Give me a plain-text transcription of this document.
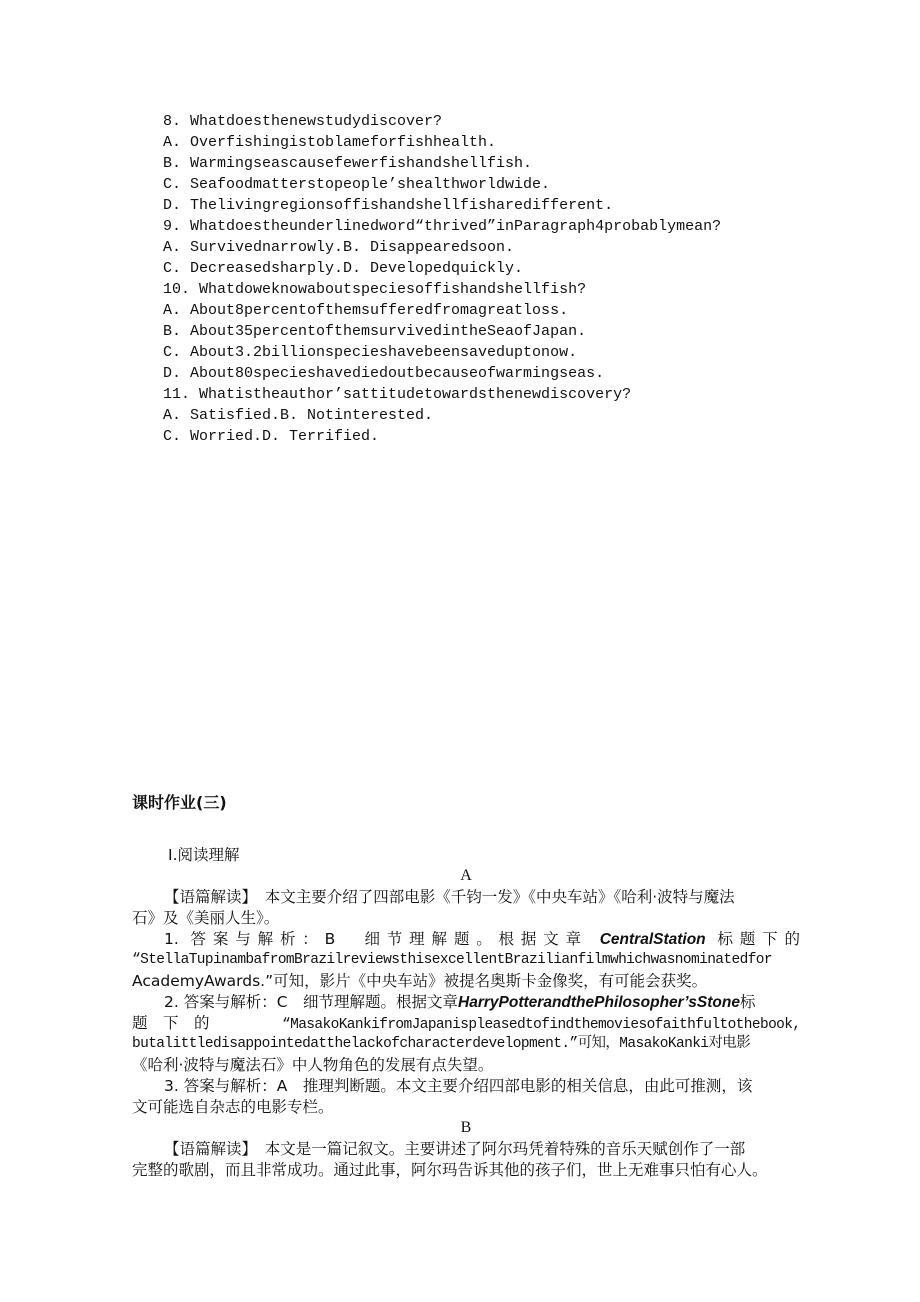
8. Whatdoesthenewstudydiscover?
A. Overfishingistoblameforfishhealth.
B. Warmingseascausefewerfishandshellfish.
C. Seafoodmatterstopeople’shealthworldwide.
D. Thelivingregionsoffishandshellfisharedifferent.
9. Whatdoestheunderlinedword“thrived”inParagraph4probablymean?
A. Survivednarrowly.B. Disappearedsoon.
C. Decreasedsharply.D. Developedquickly.
10. Whatdoweknowaboutspeciesoffishandshellfish?
A. About8percentofthemsufferedfromagreatloss.
B. About35percentofthemsurvivedintheSeaofJapan.
C. About3.2billionspecieshavebeensaveduptonow.
D. About80specieshavediedoutbecauseofwarmingseas.
11. Whatistheauthor’sattitudetowardsthenewdiscovery?
A. Satisfied.B. Notinterested.
C. Worried.D. Terrified.
课时作业(三)
Ⅰ.阅读理解
A
【语篇解读】　本文主要介绍了四部电影《千钧一发》《中央车站》《哈利·波特与魔法
石》及《美丽人生》。
1. 答案与解析：B　细节理解题。根据文章 CentralStation 标题下的
“StellaTupinambafromBrazilreviewsthisexcellentBrazilianfilmwhichwasnominatedfor
AcademyAwards.”可知，影片《中央车站》被提名奥斯卡金像奖，有可能会获奖。
2. 答案与解析：C　细节理解题。根据文章HarryPotterandthePhilosopher’sStone标
题　下　的	“MasakoKankifromJapanispleasedtofindthemoviesofaithfultothebook,
butalittledisappointedatthelackofcharacterdevelopment.”可知，MasakoKanki对电影
《哈利·波特与魔法石》中人物角色的发展有点失望。
3. 答案与解析：A　推理判断题。本文主要介绍四部电影的相关信息，由此可推测，该
文可能选自杂志的电影专栏。
B
【语篇解读】　本文是一篇记叙文。主要讲述了阿尔玛凭着特殊的音乐天赋创作了一部
完整的歌剧，而且非常成功。通过此事，阿尔玛告诉其他的孩子们，世上无难事只怕有心人。
